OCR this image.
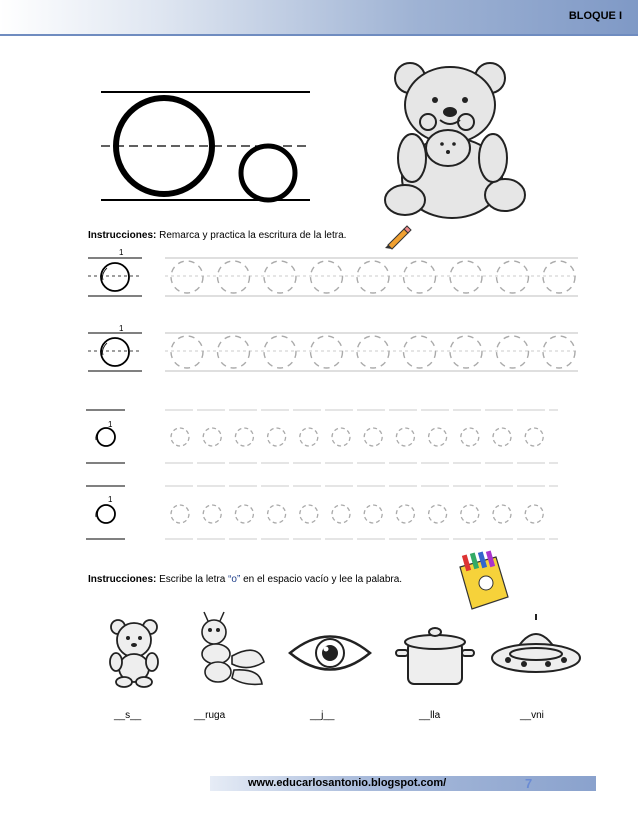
BLOQUE I
Instrucciones: Remarca y practica la escritura de la letra.
1
1
1
1
Instrucciones: Escribe la letra “o” en el espacio vacío y lee la palabra.
__s__	__ruga	__j__	__lla	__vni
www.educarlosantonio.blogspot.com/	7
